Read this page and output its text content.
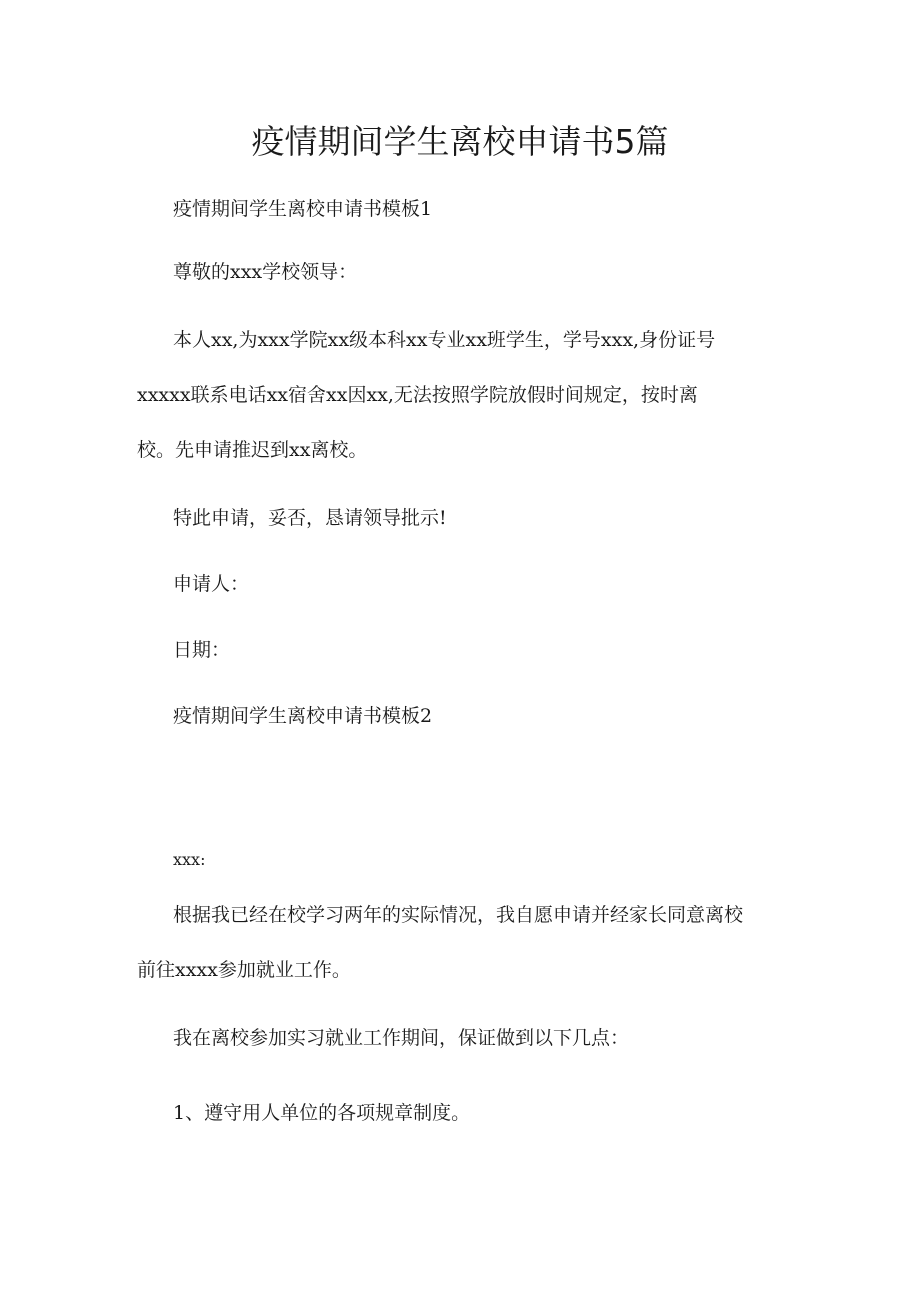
疫情期间学生离校申请书5篇
疫情期间学生离校申请书模板1
尊敬的xxx学校领导：
本人xx,为xxx学院xx级本科xx专业xx班学生，学号xxx,身份证号
xxxxx联系电话xx宿舍xx因xx,无法按照学院放假时间规定，按时离
校。先申请推迟到xx离校。
特此申请，妥否，恳请领导批示!
申请人：
日期：
疫情期间学生离校申请书模板2
xxx:
根据我已经在校学习两年的实际情况，我自愿申请并经家长同意离校
前往xxxx参加就业工作。
我在离校参加实习就业工作期间，保证做到以下几点：
1、遵守用人单位的各项规章制度。
